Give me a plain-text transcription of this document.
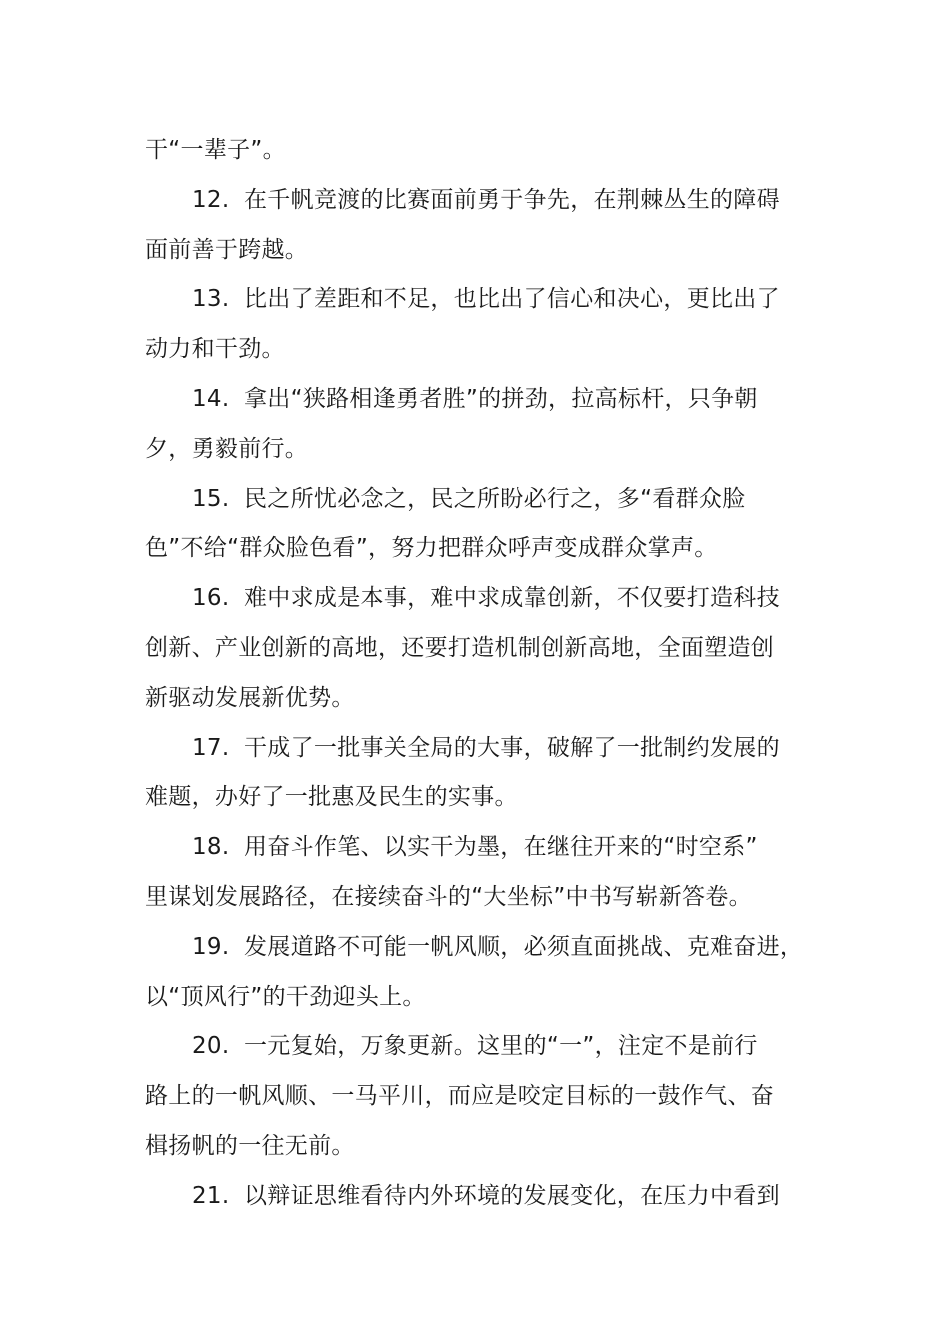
干“一辈子”。
12. 在千帆竞渡的比赛面前勇于争先，在荆棘丛生的障碍
面前善于跨越。
13. 比出了差距和不足，也比出了信心和决心，更比出了
动力和干劲。
14. 拿出“狭路相逢勇者胜”的拼劲，拉高标杆，只争朝
夕，勇毅前行。
15. 民之所忧必念之，民之所盼必行之，多“看群众脸
色”不给“群众脸色看”，努力把群众呼声变成群众掌声。
16. 难中求成是本事，难中求成靠创新，不仅要打造科技
创新、产业创新的高地，还要打造机制创新高地，全面塑造创
新驱动发展新优势。
17. 干成了一批事关全局的大事，破解了一批制约发展的
难题，办好了一批惠及民生的实事。
18. 用奋斗作笔、以实干为墨，在继往开来的“时空系”
里谋划发展路径，在接续奋斗的“大坐标”中书写崭新答卷。
19. 发展道路不可能一帆风顺，必须直面挑战、克难奋进，
以“顶风行”的干劲迎头上。
20. 一元复始，万象更新。这里的“一”，注定不是前行
路上的一帆风顺、一马平川，而应是咬定目标的一鼓作气、奋
楫扬帆的一往无前。
21. 以辩证思维看待内外环境的发展变化，在压力中看到
